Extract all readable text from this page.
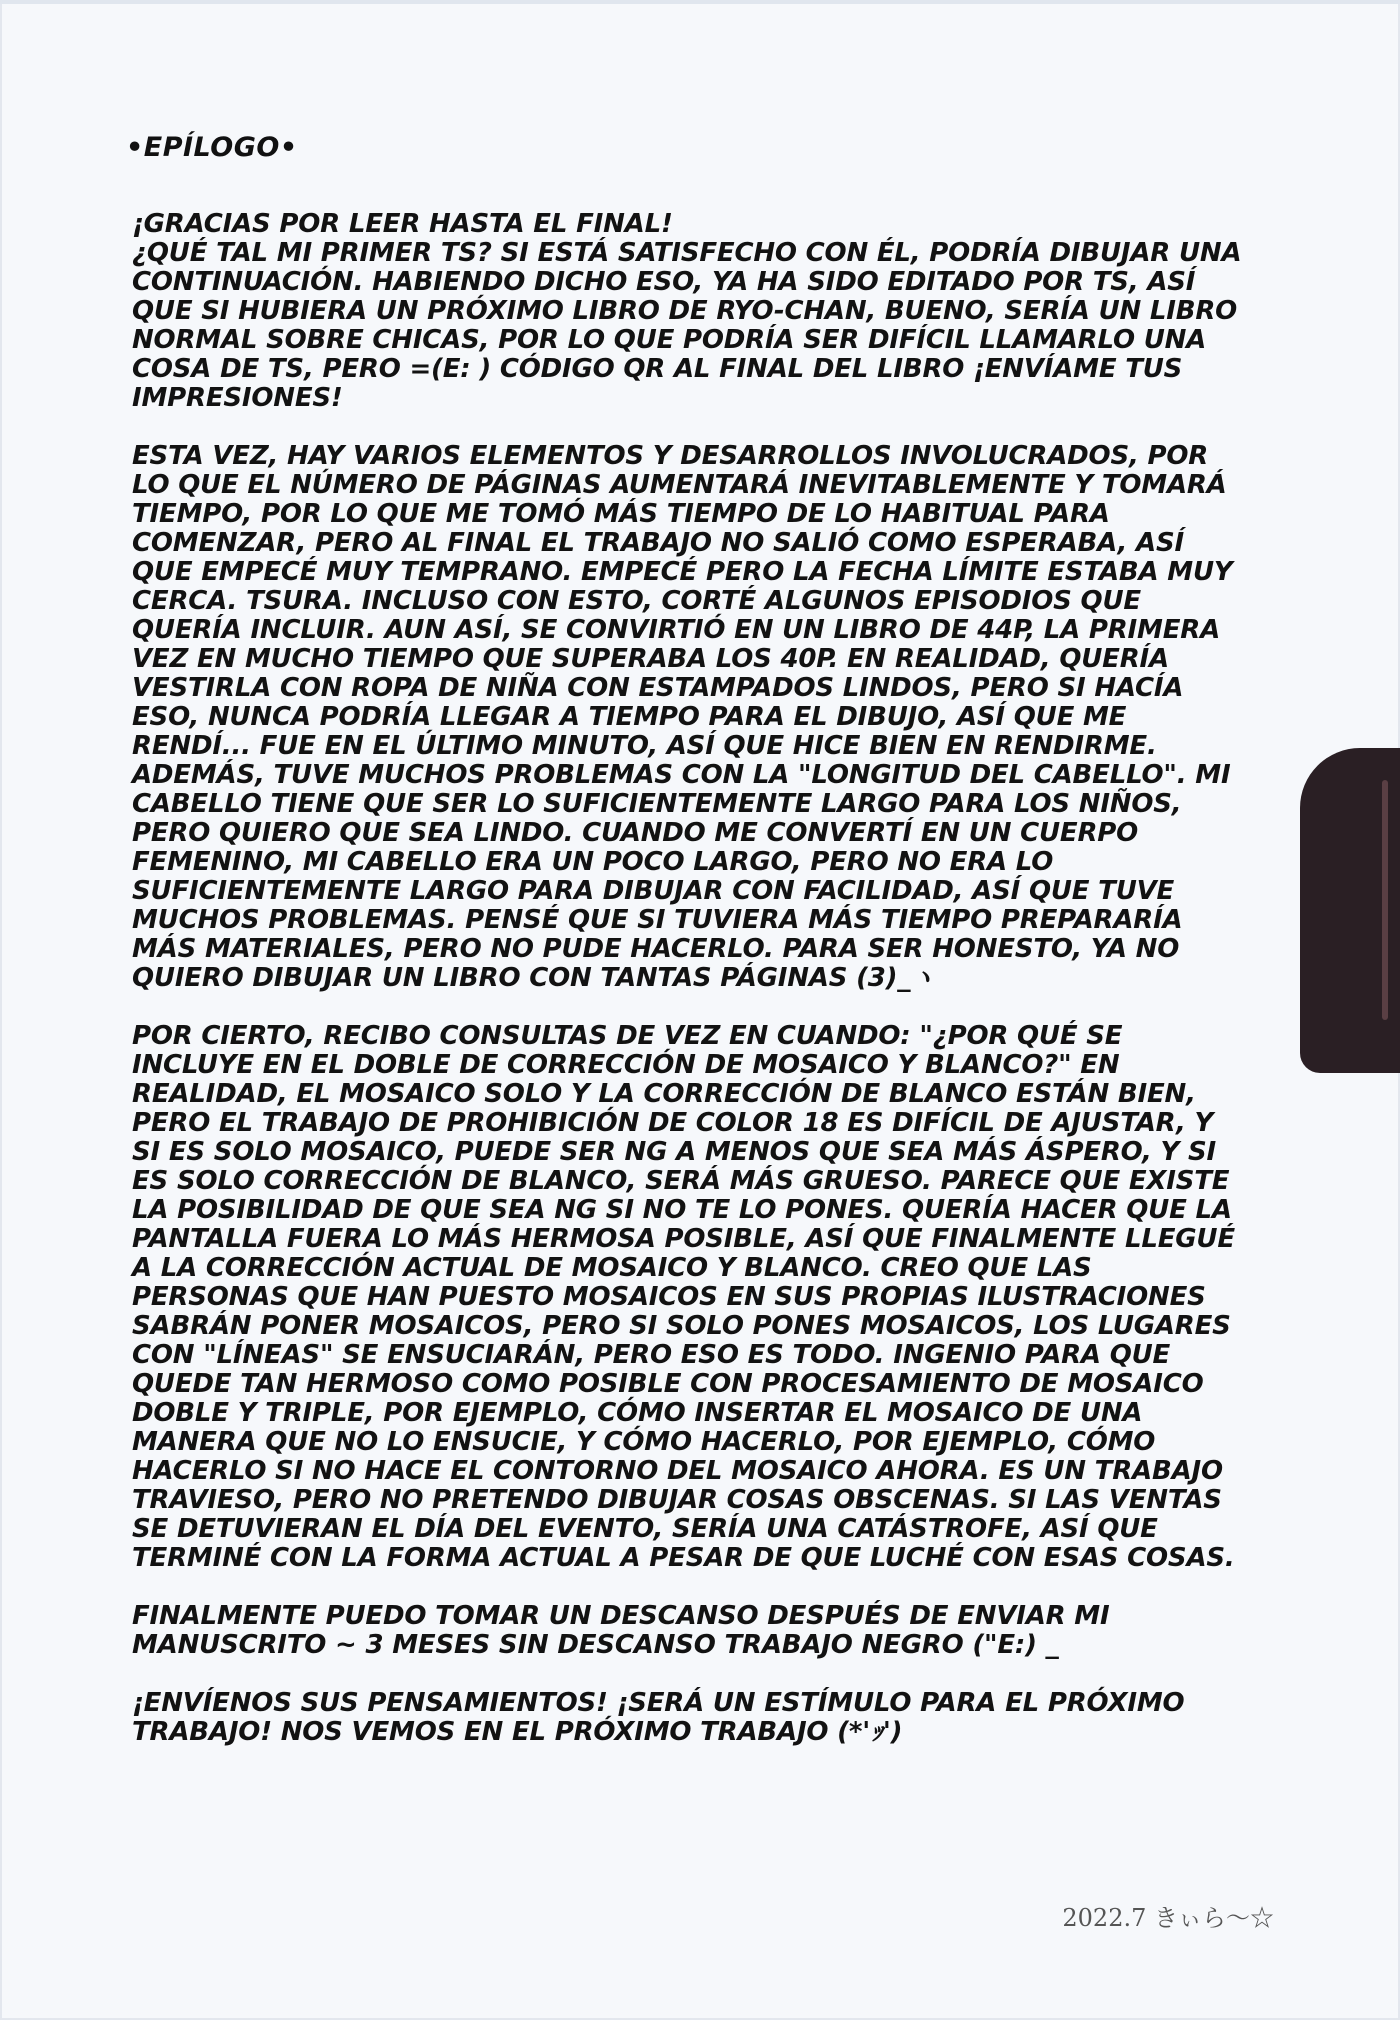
•EPÍLOGO•

¡GRACIAS POR LEER HASTA EL FINAL!
¿QUÉ TAL MI PRIMER TS? SI ESTÁ SATISFECHO CON ÉL, PODRÍA DIBUJAR UNA CONTINUACIÓN. HABIENDO DICHO ESO, YA HA SIDO EDITADO POR TS, ASÍ QUE SI HUBIERA UN PRÓXIMO LIBRO DE RYO-CHAN, BUENO, SERÍA UN LIBRO NORMAL SOBRE CHICAS, POR LO QUE PODRÍA SER DIFÍCIL LLAMARLO UNA COSA DE TS, PERO =(E: ) CÓDIGO QR AL FINAL DEL LIBRO ¡ENVÍAME TUS IMPRESIONES!

ESTA VEZ, HAY VARIOS ELEMENTOS Y DESARROLLOS INVOLUCRADOS, POR LO QUE EL NÚMERO DE PÁGINAS AUMENTARÁ INEVITABLEMENTE Y TOMARÁ TIEMPO, POR LO QUE ME TOMÓ MÁS TIEMPO DE LO HABITUAL PARA COMENZAR, PERO AL FINAL EL TRABAJO NO SALIÓ COMO ESPERABA, ASÍ QUE EMPECÉ MUY TEMPRANO. EMPECÉ PERO LA FECHA LÍMITE ESTABA MUY CERCA. TSURA. INCLUSO CON ESTO, CORTÉ ALGUNOS EPISODIOS QUE QUERÍA INCLUIR. AUN ASÍ, SE CONVIRTIÓ EN UN LIBRO DE 44P, LA PRIMERA VEZ EN MUCHO TIEMPO QUE SUPERABA LOS 40P. EN REALIDAD, QUERÍA VESTIRLA CON ROPA DE NIÑA CON ESTAMPADOS LINDOS, PERO SI HACÍA ESO, NUNCA PODRÍA LLEGAR A TIEMPO PARA EL DIBUJO, ASÍ QUE ME RENDÍ... FUE EN EL ÚLTIMO MINUTO, ASÍ QUE HICE BIEN EN RENDIRME. ADEMÁS, TUVE MUCHOS PROBLEMAS CON LA "LONGITUD DEL CABELLO". MI CABELLO TIENE QUE SER LO SUFICIENTEMENTE LARGO PARA LOS NIÑOS, PERO QUIERO QUE SEA LINDO. CUANDO ME CONVERTÍ EN UN CUERPO FEMENINO, MI CABELLO ERA UN POCO LARGO, PERO NO ERA LO SUFICIENTEMENTE LARGO PARA DIBUJAR CON FACILIDAD, ASÍ QUE TUVE MUCHOS PROBLEMAS. PENSÉ QUE SI TUVIERA MÁS TIEMPO PREPARARÍA MÁS MATERIALES, PERO NO PUDE HACERLO. PARA SER HONESTO, YA NO QUIERO DIBUJAR UN LIBRO CON TANTAS PÁGINAS (3)_ヽ

POR CIERTO, RECIBO CONSULTAS DE VEZ EN CUANDO: "¿POR QUÉ SE INCLUYE EN EL DOBLE DE CORRECCIÓN DE MOSAICO Y BLANCO?" EN REALIDAD, EL MOSAICO SOLO Y LA CORRECCIÓN DE BLANCO ESTÁN BIEN, PERO EL TRABAJO DE PROHIBICIÓN DE COLOR 18 ES DIFÍCIL DE AJUSTAR, Y SI ES SOLO MOSAICO, PUEDE SER NG A MENOS QUE SEA MÁS ÁSPERO, Y SI ES SOLO CORRECCIÓN DE BLANCO, SERÁ MÁS GRUESO. PARECE QUE EXISTE LA POSIBILIDAD DE QUE SEA NG SI NO TE LO PONES. QUERÍA HACER QUE LA PANTALLA FUERA LO MÁS HERMOSA POSIBLE, ASÍ QUE FINALMENTE LLEGUÉ A LA CORRECCIÓN ACTUAL DE MOSAICO Y BLANCO. CREO QUE LAS PERSONAS QUE HAN PUESTO MOSAICOS EN SUS PROPIAS ILUSTRACIONES SABRÁN PONER MOSAICOS, PERO SI SOLO PONES MOSAICOS, LOS LUGARES CON "LÍNEAS" SE ENSUCIARÁN, PERO ESO ES TODO. INGENIO PARA QUE QUEDE TAN HERMOSO COMO POSIBLE CON PROCESAMIENTO DE MOSAICO DOBLE Y TRIPLE, POR EJEMPLO, CÓMO INSERTAR EL MOSAICO DE UNA MANERA QUE NO LO ENSUCIE, Y CÓMO HACERLO, POR EJEMPLO, CÓMO HACERLO SI NO HACE EL CONTORNO DEL MOSAICO AHORA. ES UN TRABAJO TRAVIESO, PERO NO PRETENDO DIBUJAR COSAS OBSCENAS. SI LAS VENTAS SE DETUVIERAN EL DÍA DEL EVENTO, SERÍA UNA CATÁSTROFE, ASÍ QUE TERMINÉ CON LA FORMA ACTUAL A PESAR DE QUE LUCHÉ CON ESAS COSAS.

FINALMENTE PUEDO TOMAR UN DESCANSO DESPUÉS DE ENVIAR MI MANUSCRITO ~ 3 MESES SIN DESCANSO TRABAJO NEGRO ("Ε:) _

¡ENVÍENOS SUS PENSAMIENTOS! ¡SERÁ UN ESTÍMULO PARA EL PRÓXIMO TRABAJO! NOS VEMOS EN EL PRÓXIMO TRABAJO (*'ｯ')

2022.7 きぃら〜☆
